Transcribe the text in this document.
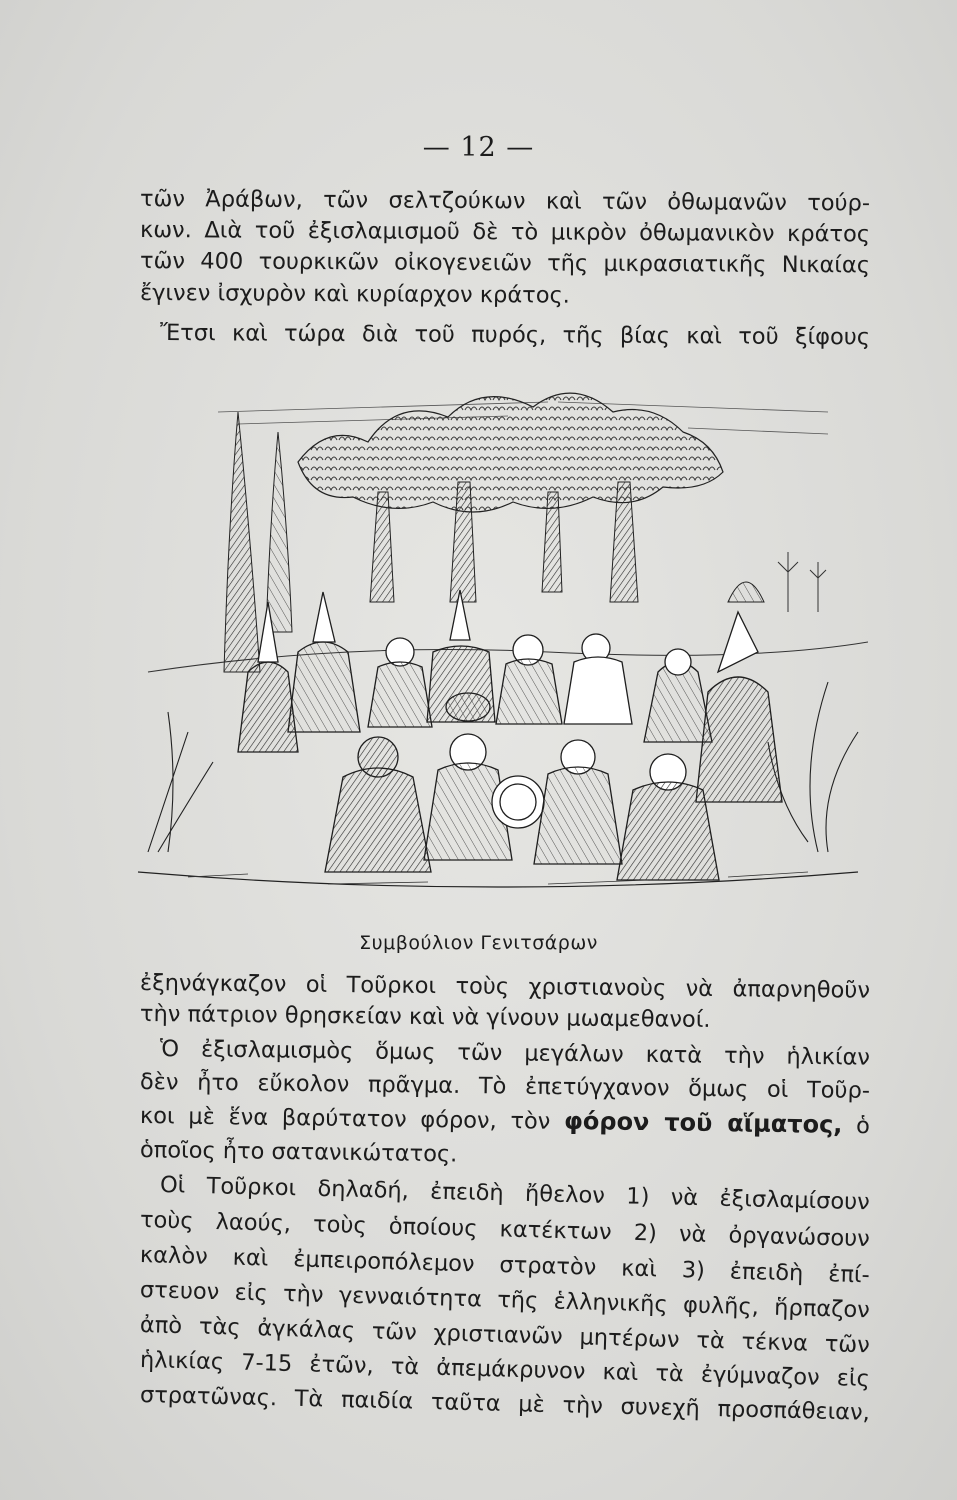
— 12 —
τῶν Ἀράβων, τῶν σελτζούκων καὶ τῶν ὀθωμανῶν τούρ-
κων. Διὰ τοῦ ἐξισλαμισμοῦ δὲ τὸ μικρὸν ὀθωμανικὸν κράτος
τῶν 400 τουρκικῶν οἰκογενειῶν τῆς μικρασιατικῆς Νικαίας
ἔγινεν ἰσχυρὸν καὶ κυρίαρχον κράτος.
Ἔτσι καὶ τώρα διὰ τοῦ πυρός, τῆς βίας καὶ τοῦ ξίφους
Συμβούλιον Γενιτσάρων
ἐξηνάγκαζον οἱ Τοῦρκοι τοὺς χριστιανοὺς νὰ ἀπαρνηθοῦν
τὴν πάτριον θρησκείαν καὶ νὰ γίνουν μωαμεθανοί.
Ὁ ἐξισλαμισμὸς ὅμως τῶν μεγάλων κατὰ τὴν ἡλικίαν
δὲν ἦτο εὔκολον πρᾶγμα. Τὸ ἐπετύγχανον ὅμως οἱ Τοῦρ-
κοι μὲ ἕνα βαρύτατον φόρον, τὸν φόρον τοῦ αἵματος, ὁ
ὁποῖος ἦτο σατανικώτατος.
Οἱ Τοῦρκοι δηλαδή, ἐπειδὴ ἤθελον 1) νὰ ἐξισλαμίσουν
τοὺς λαούς, τοὺς ὁποίους κατέκτων 2) νὰ ὀργανώσουν
καλὸν καὶ ἐμπειροπόλεμον στρατὸν καὶ 3) ἐπειδὴ ἐπί-
στευον εἰς τὴν γενναιότητα τῆς ἑλληνικῆς φυλῆς, ἥρπαζον
ἀπὸ τὰς ἀγκάλας τῶν χριστιανῶν μητέρων τὰ τέκνα τῶν
ἡλικίας 7-15 ἐτῶν, τὰ ἀπεμάκρυνον καὶ τὰ ἐγύμναζον εἰς
στρατῶνας. Τὰ παιδία ταῦτα μὲ τὴν συνεχῆ προσπάθειαν,
